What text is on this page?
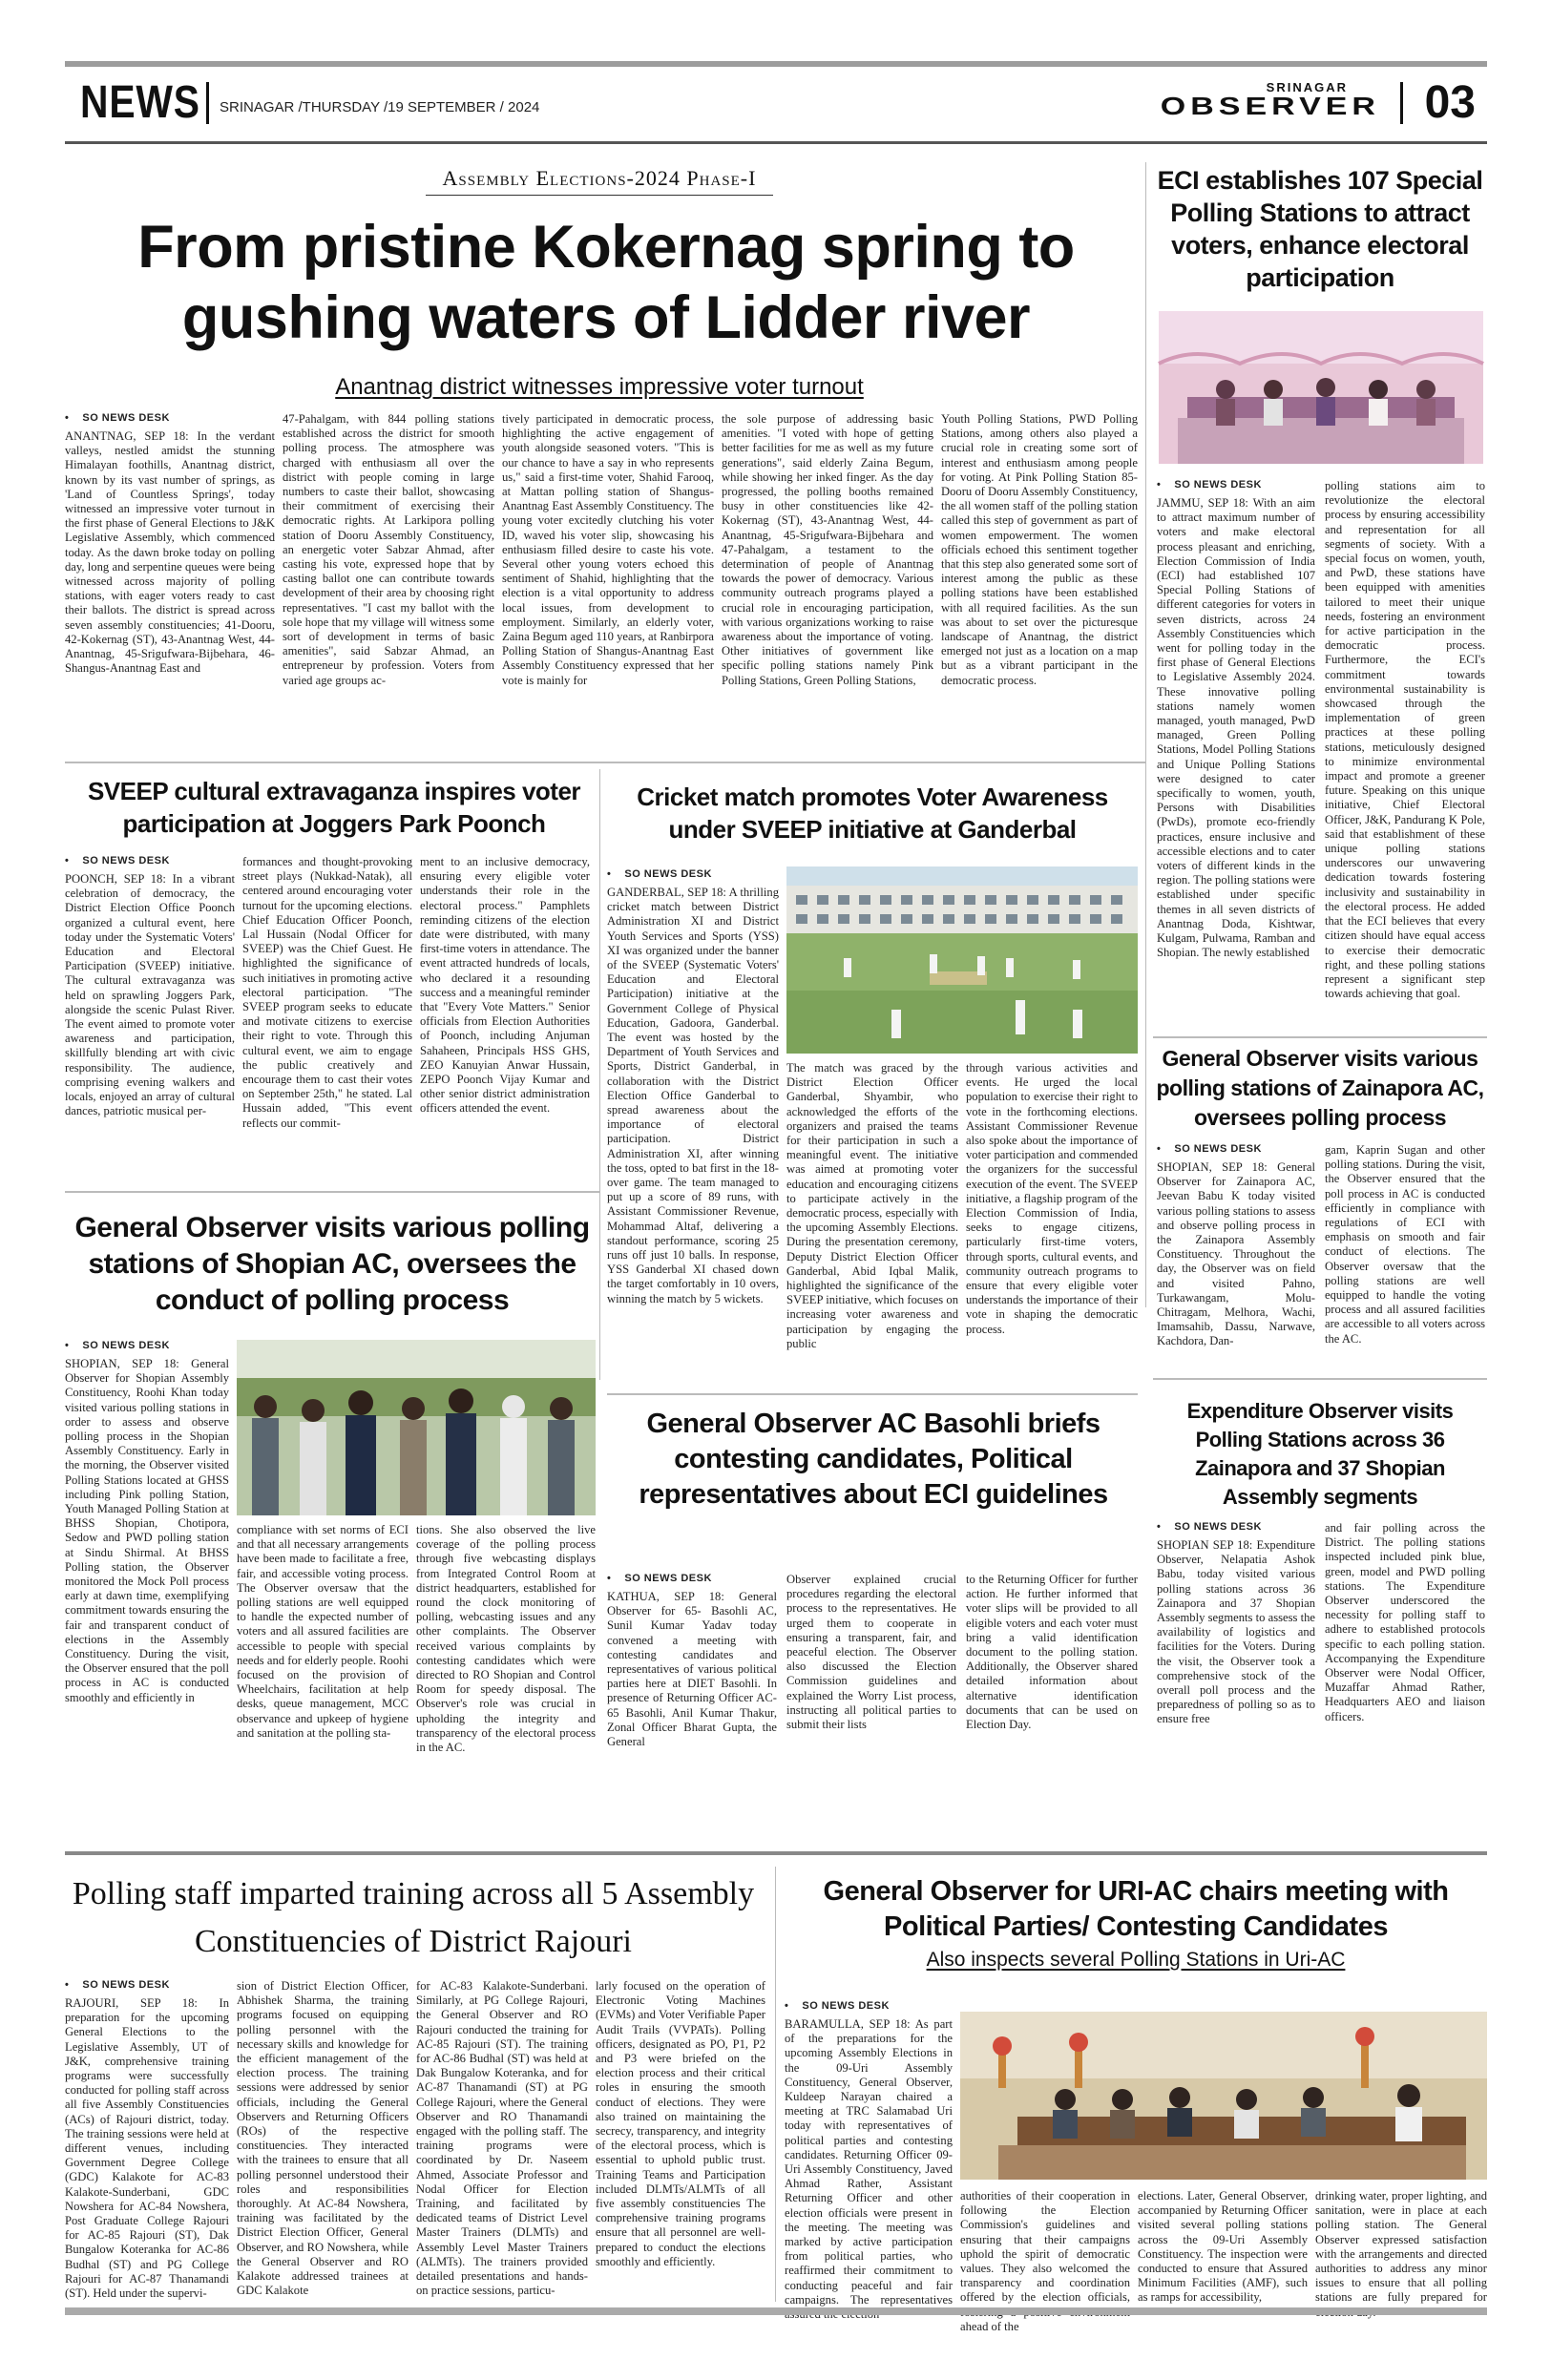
NEWS SRINAGAR /THURSDAY /19 SEPTEMBER / 2024
SRINAGAR
OBSERVER 03
Assembly Elections-2024 Phase-I
From pristine Kokernag spring to gushing waters of Lidder river
Anantnag district witnesses impressive voter turnout

• SO NEWS DESK

ANANTNAG, SEP 18: In the verdant valleys, nestled amidst the stunning Himalayan foothills, Anantnag district, known by its vast number of springs, as 'Land of Countless Springs', today witnessed an impressive voter turnout in the first phase of General Elections to J&K Legislative Assembly, which commenced today. As the dawn broke today on polling day, long and serpentine queues were being witnessed across majority of polling stations, with eager voters ready to cast their ballots. The district is spread across seven assembly constituencies; 41-Dooru, 42-Kokernag (ST), 43-Anantnag West, 44-Anantnag, 45-Srigufwara-Bijbehara, 46-Shangus-Anantnag East and

47-Pahalgam, with 844 polling stations established across the district for smooth polling process. The atmosphere was charged with enthusiasm all over the district with people coming in large numbers to caste their ballot, showcasing their commitment of exercising their democratic rights. At Larkipora polling station of Dooru Assembly Constituency, an energetic voter Sabzar Ahmad, after casting his vote, expressed hope that by casting ballot one can contribute towards development of their area by choosing right representatives. "I cast my ballot with the sole hope that my village will witness some sort of development in terms of basic amenities", said Sabzar Ahmad, an entrepreneur by profession. Voters from varied age groups ac-

tively participated in democratic process, highlighting the active engagement of youth alongside seasoned voters. "This is our chance to have a say in who represents us," said a first-time voter, Shahid Farooq, at Mattan polling station of Shangus-Anantnag East Assembly Constituency. The young voter excitedly clutching his voter ID, waved his voter slip, showcasing his enthusiasm filled desire to caste his vote. Several other young voters echoed this sentiment of Shahid, highlighting that the election is a vital opportunity to address local issues, from development to employment. Similarly, an elderly voter, Zaina Begum aged 110 years, at Ranbirpora Polling Station of Shangus-Anantnag East Assembly Constituency expressed that her vote is mainly for

the sole purpose of addressing basic amenities. "I voted with hope of getting better facilities for me as well as my future generations", said elderly Zaina Begum, while showing her inked finger. As the day progressed, the polling booths remained busy in other constituencies like 42-Kokernag (ST), 43-Anantnag West, 44-Anantnag, 45-Srigufwara-Bijbehara and 47-Pahalgam, a testament to the determination of people of Anantnag towards the power of democracy. Various community outreach programs played a crucial role in encouraging participation, with various organizations working to raise awareness about the importance of voting. Other initiatives of government like specific polling stations namely Pink Polling Stations, Green Polling Stations,

Youth Polling Stations, PWD Polling Stations, among others also played a crucial role in creating some sort of interest and enthusiasm among people for voting. At Pink Polling Station 85-Dooru of Dooru Assembly Constituency, the all women staff of the polling station called this step of government as part of women empowerment. The women officials echoed this sentiment together that this step also generated some sort of interest among the public as these polling stations have been established with all required facilities. As the sun was about to set over the picturesque landscape of Anantnag, the district emerged not just as a location on a map but as a vibrant participant in the democratic process.

ECI establishes 107 Special Polling Stations to attract voters, enhance electoral participation

• SO NEWS DESK

JAMMU, SEP 18: With an aim to attract maximum number of voters and make electoral process pleasant and enriching, Election Commission of India (ECI) had established 107 Special Polling Stations of different categories for voters in seven districts, across 24 Assembly Constituencies which went for polling today in the first phase of General Elections to Legislative Assembly 2024. These innovative polling stations namely women managed, youth managed, PwD managed, Green Polling Stations, Model Polling Stations and Unique Polling Stations were designed to cater specifically to women, youth, Persons with Disabilities (PwDs), promote eco-friendly practices, ensure inclusive and accessible elections and to cater voters of different kinds in the region. The polling stations were established under specific themes in all seven districts of Anantnag Doda, Kishtwar, Kulgam, Pulwama, Ramban and Shopian. The newly established

polling stations aim to revolutionize the electoral process by ensuring accessibility and representation for all segments of society. With a special focus on women, youth, and PwD, these stations have been equipped with amenities tailored to meet their unique needs, fostering an environment for active participation in the democratic process. Furthermore, the ECI's commitment towards environmental sustainability is showcased through the implementation of green practices at these polling stations, meticulously designed to minimize environmental impact and promote a greener future. Speaking on this unique initiative, Chief Electoral Officer, J&K, Pandurang K Pole, said that establishment of these unique polling stations underscores our unwavering dedication towards fostering inclusivity and sustainability in the electoral process. He added that the ECI believes that every citizen should have equal access to exercise their democratic right, and these polling stations represent a significant step towards achieving that goal.

SVEEP cultural extravaganza inspires voter participation at Joggers Park Poonch

• SO NEWS DESK

POONCH, SEP 18: In a vibrant celebration of democracy, the District Election Office Poonch organized a cultural event, here today under the Systematic Voters' Education and Electoral Participation (SVEEP) initiative. The cultural extravaganza was held on sprawling Joggers Park, alongside the scenic Pulast River. The event aimed to promote voter awareness and participation, skillfully blending art with civic responsibility. The audience, comprising evening walkers and locals, enjoyed an array of cultural dances, patriotic musical per-

formances and thought-provoking street plays (Nukkad-Natak), all centered around encouraging voter turnout for the upcoming elections. Chief Education Officer Poonch, Lal Hussain (Nodal Officer for SVEEP) was the Chief Guest. He highlighted the significance of such initiatives in promoting active electoral participation. "The SVEEP program seeks to educate and motivate citizens to exercise their right to vote. Through this cultural event, we aim to engage the public creatively and encourage them to cast their votes on September 25th," he stated. Lal Hussain added, "This event reflects our commit-

ment to an inclusive democracy, ensuring every eligible voter understands their role in the electoral process." Pamphlets reminding citizens of the election date were distributed, with many first-time voters in attendance. The event attracted hundreds of locals, who declared it a resounding success and a meaningful reminder that "Every Vote Matters." Senior officials from Election Authorities of Poonch, including Anjuman Sahaheen, Principals HSS GHS, ZEO Kanuyian Anwar Hussain, ZEPO Poonch Vijay Kumar and other senior district administration officers attended the event.

Cricket match promotes Voter Awareness under SVEEP initiative at Ganderbal

• SO NEWS DESK

GANDERBAL, SEP 18: A thrilling cricket match between District Administration XI and District Youth Services and Sports (YSS) XI was organized under the banner of the SVEEP (Systematic Voters' Education and Electoral Participation) initiative at the Government College of Physical Education, Gadoora, Ganderbal. The event was hosted by the Department of Youth Services and Sports, District Ganderbal, in collaboration with the District Election Office Ganderbal to spread awareness about the importance of electoral participation. District Administration XI, after winning the toss, opted to bat first in the 18-over game. The team managed to put up a score of 89 runs, with Assistant Commissioner Revenue, Mohammad Altaf, delivering a standout performance, scoring 25 runs off just 10 balls. In response, YSS Ganderbal XI chased down the target comfortably in 10 overs, winning the match by 5 wickets.

The match was graced by the District Election Officer Ganderbal, Shyambir, who acknowledged the efforts of the organizers and praised the teams for their participation in such a meaningful event. The initiative was aimed at promoting voter education and encouraging citizens to participate actively in the democratic process, especially with the upcoming Assembly Elections. During the presentation ceremony, Deputy District Election Officer Ganderbal, Abid Iqbal Malik, highlighted the significance of the SVEEP initiative, which focuses on increasing voter awareness and participation by engaging the public

through various activities and events. He urged the local population to exercise their right to vote in the forthcoming elections. Assistant Commissioner Revenue also spoke about the importance of voter participation and commended the organizers for the successful execution of the event. The SVEEP initiative, a flagship program of the Election Commission of India, seeks to engage citizens, particularly first-time voters, through sports, cultural events, and community outreach programs to ensure that every eligible voter understands the importance of their vote in shaping the democratic process.

General Observer visits various polling stations of Zainapora AC, oversees polling process

• SO NEWS DESK

SHOPIAN, SEP 18: General Observer for Zainapora AC, Jeevan Babu K today visited various polling stations to assess and observe polling process in the Zainapora Assembly Constituency. Throughout the day, the Observer was on field and visited Pahno, Turkawangam, Molu-Chitragam, Melhora, Wachi, Imamsahib, Dassu, Narwave, Kachdora, Dan-

gam, Kaprin Sugan and other polling stations. During the visit, the Observer ensured that the poll process in AC is conducted efficiently in compliance with regulations of ECI with emphasis on smooth and fair conduct of elections. The Observer oversaw that the polling stations are well equipped to handle the voting process and all assured facilities are accessible to all voters across the AC.

General Observer visits various polling stations of Shopian AC, oversees the conduct of polling process

• SO NEWS DESK

SHOPIAN, SEP 18: General Observer for Shopian Assembly Constituency, Roohi Khan today visited various polling stations in order to assess and observe polling process in the Shopian Assembly Constituency. Early in the morning, the Observer visited Polling Stations located at GHSS including Pink polling Station, Youth Managed Polling Station at BHSS Shopian, Chotipora, Sedow and PWD polling station at Sindu Shirmal. At BHSS Polling station, the Observer monitored the Mock Poll process early at dawn time, exemplifying commitment towards ensuring the fair and transparent conduct of elections in the Assembly Constituency. During the visit, the Observer ensured that the poll process in AC is conducted smoothly and efficiently in

compliance with set norms of ECI and that all necessary arrangements have been made to facilitate a free, fair, and accessible voting process. The Observer oversaw that the polling stations are well equipped to handle the expected number of voters and all assured facilities are accessible to people with special needs and for elderly people. Roohi focused on the provision of Wheelchairs, facilitation at help desks, queue management, MCC observance and upkeep of hygiene and sanitation at the polling sta-

tions. She also observed the live coverage of the polling process through five webcasting displays from Integrated Control Room at district headquarters, established for round the clock monitoring of polling, webcasting issues and any other complaints. The Observer received various complaints by contesting candidates which were directed to RO Shopian and Control Room for speedy disposal. The Observer's role was crucial in upholding the integrity and transparency of the electoral process in the AC.

General Observer AC Basohli briefs contesting candidates, Political representatives about ECI guidelines

• SO NEWS DESK

KATHUA, SEP 18: General Observer for 65- Basohli AC, Sunil Kumar Yadav today convened a meeting with contesting candidates and representatives of various political parties here at DIET Basohli. In presence of Returning Officer AC-65 Basohli, Anil Kumar Thakur, Zonal Officer Bharat Gupta, the General

Observer explained crucial procedures regarding the electoral process to the representatives. He urged them to cooperate in ensuring a transparent, fair, and peaceful election. The Observer also discussed the Election Commission guidelines and explained the Worry List process, instructing all political parties to submit their lists

to the Returning Officer for further action. He further informed that voter slips will be provided to all eligible voters and each voter must bring a valid identification document to the polling station. Additionally, the Observer shared detailed information about alternative identification documents that can be used on Election Day.

Expenditure Observer visits Polling Stations across 36 Zainapora and 37 Shopian Assembly segments

• SO NEWS DESK

SHOPIAN SEP 18: Expenditure Observer, Nelapatia Ashok Babu, today visited various polling stations across 36 Zainapora and 37 Shopian Assembly segments to assess the availability of logistics and facilities for the Voters. During the visit, the Observer took a comprehensive stock of the overall poll process and the preparedness of polling so as to ensure free

and fair polling across the District. The polling stations inspected included pink blue, green, model and PWD polling stations. The Expenditure Observer underscored the necessity for polling staff to adhere to established protocols specific to each polling station. Accompanying the Expenditure Observer were Nodal Officer, Muzaffar Ahmad Rather, Headquarters AEO and liaison officers.

Polling staff imparted training across all 5 Assembly Constituencies of District Rajouri

• SO NEWS DESK

RAJOURI, SEP 18: In preparation for the upcoming General Elections to the Legislative Assembly, UT of J&K, comprehensive training programs were successfully conducted for polling staff across all five Assembly Constituencies (ACs) of Rajouri district, today. The training sessions were held at different venues, including Government Degree College (GDC) Kalakote for AC-83 Kalakote-Sunderbani, GDC Nowshera for AC-84 Nowshera, Post Graduate College Rajouri for AC-85 Rajouri (ST), Dak Bungalow Koteranka for AC-86 Budhal (ST) and PG College Rajouri for AC-87 Thanamandi (ST). Held under the supervi-

sion of District Election Officer, Abhishek Sharma, the training programs focused on equipping polling personnel with the necessary skills and knowledge for the efficient management of the election process. The training sessions were addressed by senior officials, including the General Observers and Returning Officers (ROs) of the respective constituencies. They interacted with the trainees to ensure that all polling personnel understood their roles and responsibilities thoroughly. At AC-84 Nowshera, training was facilitated by the District Election Officer, General Observer, and RO Nowshera, while the General Observer and RO Kalakote addressed trainees at GDC Kalakote

for AC-83 Kalakote-Sunderbani. Similarly, at PG College Rajouri, the General Observer and RO Rajouri conducted the training for AC-85 Rajouri (ST). The training for AC-86 Budhal (ST) was held at Dak Bungalow Koteranka, and for AC-87 Thanamandi (ST) at PG College Rajouri, where the General Observer and RO Thanamandi engaged with the polling staff. The training programs were coordinated by Dr. Naseem Ahmed, Associate Professor and Nodal Officer for Election Training, and facilitated by dedicated teams of District Level Master Trainers (DLMTs) and Assembly Level Master Trainers (ALMTs). The trainers provided detailed presentations and hands-on practice sessions, particu-

larly focused on the operation of Electronic Voting Machines (EVMs) and Voter Verifiable Paper Audit Trails (VVPATs). Polling officers, designated as PO, P1, P2 and P3 were briefed on the election process and their critical roles in ensuring the smooth conduct of elections. They were also trained on maintaining the secrecy, transparency, and integrity of the electoral process, which is essential to uphold public trust. Training Teams and Participation included DLMTs/ALMTs of all five assembly constituencies The comprehensive training programs ensure that all personnel are well-prepared to conduct the elections smoothly and efficiently.

General Observer for URI-AC chairs meeting with Political Parties/ Contesting Candidates
Also inspects several Polling Stations in Uri-AC

• SO NEWS DESK

BARAMULLA, SEP 18: As part of the preparations for the upcoming Assembly Elections in the 09-Uri Assembly Constituency, General Observer, Kuldeep Narayan chaired a meeting at TRC Salamabad Uri today with representatives of political parties and contesting candidates. Returning Officer 09-Uri Assembly Constituency, Javed Ahmad Rather, Assistant Returning Officer and other election officials were present in the meeting. The meeting was marked by active participation from political parties, who reaffirmed their commitment to conducting peaceful and fair campaigns. The representatives

authorities of their cooperation in following the Election Commission's guidelines and ensuring that their campaigns uphold the spirit of democratic values. They also welcomed the transparency and coordination offered by the election officials, ahead of the

elections. Later, General Observer, accompanied by Returning Officer visited several polling stations across the 09-Uri Assembly Constituency. The inspection were conducted to ensure that Assured Minimum Facilities (AMF), such as ramps for accessibility,

drinking water, proper lighting, and sanitation, were in place at each polling station. The General Observer expressed satisfaction with the arrangements and directed authorities to address any minor issues to ensure that all polling stations are fully prepared for
